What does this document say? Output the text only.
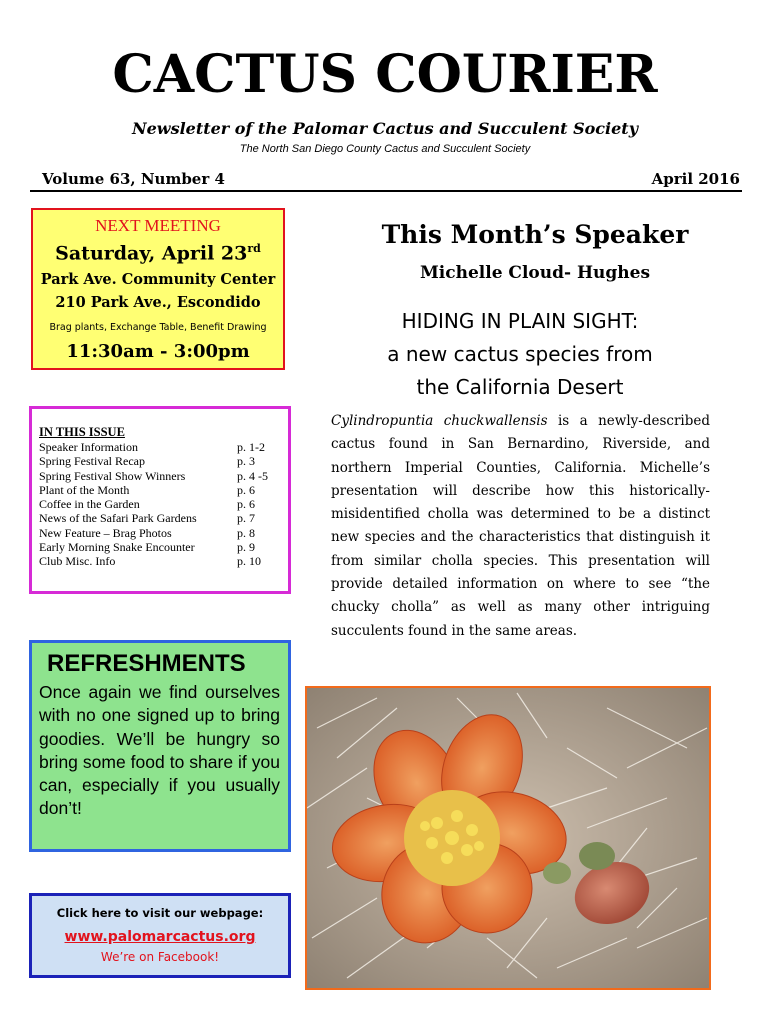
CACTUS COURIER
Newsletter of the Palomar Cactus and Succulent Society
The North San Diego County Cactus and Succulent Society
Volume 63, Number 4	April 2016
NEXT MEETING
Saturday, April 23rd
Park Ave. Community Center
210 Park Ave., Escondido
Brag plants, Exchange Table, Benefit Drawing
11:30am - 3:00pm
IN THIS ISSUE
Speaker Information	p. 1-2
Spring Festival Recap	p. 3
Spring Festival Show Winners	p. 4 -5
Plant of the Month	p. 6
Coffee in the Garden	p. 6
News of the Safari Park Gardens	p. 7
New Feature – Brag Photos	p. 8
Early Morning Snake Encounter	p. 9
Club Misc. Info	p. 10
REFRESHMENTS
Once again we find ourselves with no one signed up to bring goodies. We’ll be hungry so bring some food to share if you can, especially if you usually don’t!
Click here to visit our webpage:
www.palomarcactus.org
We’re on Facebook!
This Month’s Speaker
Michelle Cloud- Hughes
HIDING IN PLAIN SIGHT:
a new cactus species from
the California Desert
Cylindropuntia chuckwallensis is a newly-described cactus found in San Bernardino, Riverside, and northern Imperial Counties, California. Michelle’s presentation will describe how this historically-misidentified cholla was determined to be a distinct new species and the characteristics that distinguish it from similar cholla species. This presentation will provide detailed information on where to see “the chucky cholla” as well as many other intriguing succulents found in the same areas.
